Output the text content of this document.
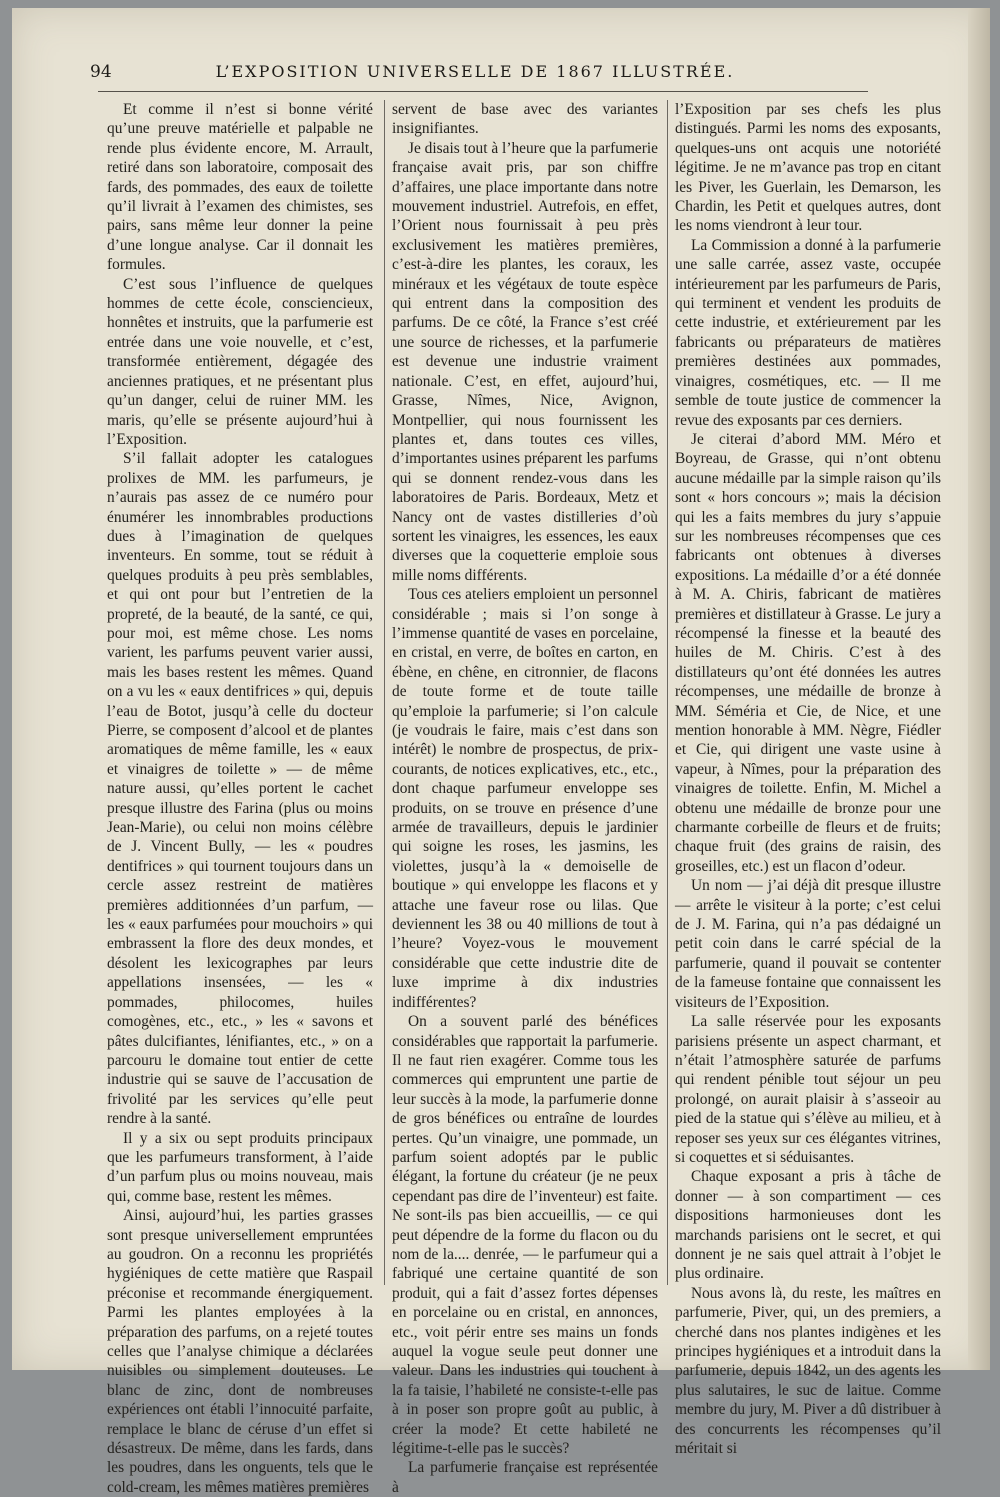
94	L’EXPOSITION UNIVERSELLE DE 1867 ILLUSTRÉE.

Et comme il n’est si bonne vérité qu’une preuve matérielle et palpable ne rende plus évidente encore, M. Arrault, retiré dans son laboratoire, composait des fards, des pommades, des eaux de toilette qu’il livrait à l’examen des chimistes, ses pairs, sans même leur donner la peine d’une longue analyse. Car il donnait les formules.

C’est sous l’influence de quelques hommes de cette école, consciencieux, honnêtes et instruits, que la parfumerie est entrée dans une voie nouvelle, et c’est, transformée entièrement, dégagée des anciennes pratiques, et ne présentant plus qu’un danger, celui de ruiner MM. les maris, qu’elle se présente aujourd’hui à l’Exposition.

S’il fallait adopter les catalogues prolixes de MM. les parfumeurs, je n’aurais pas assez de ce numéro pour énumérer les innombrables productions dues à l’imagination de quelques inventeurs. En somme, tout se réduit à quelques produits à peu près semblables, et qui ont pour but l’entretien de la propreté, de la beauté, de la santé, ce qui, pour moi, est même chose. Les noms varient, les parfums peuvent varier aussi, mais les bases restent les mêmes. Quand on a vu les « eaux dentifrices » qui, depuis l’eau de Botot, jusqu’à celle du docteur Pierre, se composent d’alcool et de plantes aromatiques de même famille, les « eaux et vinaigres de toilette » — de même nature aussi, qu’elles portent le cachet presque illustre des Farina (plus ou moins Jean-Marie), ou celui non moins célèbre de J. Vincent Bully, — les « poudres dentifrices » qui tournent toujours dans un cercle assez restreint de matières premières additionnées d’un parfum, — les « eaux parfumées pour mouchoirs » qui embrassent la flore des deux mondes, et désolent les lexicographes par leurs appellations insensées, — les « pommades, philocomes, huiles comogènes, etc., etc., » les « savons et pâtes dulcifiantes, lénifiantes, etc., » on a parcouru le domaine tout entier de cette industrie qui se sauve de l’accusation de frivolité par les services qu’elle peut rendre à la santé.

Il y a six ou sept produits principaux que les parfumeurs transforment, à l’aide d’un parfum plus ou moins nouveau, mais qui, comme base, restent les mêmes.

Ainsi, aujourd’hui, les parties grasses sont presque universellement empruntées au goudron. On a reconnu les propriétés hygiéniques de cette matière que Raspail préconise et recommande énergiquement. Parmi les plantes employées à la préparation des parfums, on a rejeté toutes celles que l’analyse chimique a déclarées nuisibles ou simplement douteuses. Le blanc de zinc, dont de nombreuses expériences ont établi l’innocuité parfaite, remplace le blanc de céruse d’un effet si désastreux. De même, dans les fards, dans les poudres, dans les onguents, tels que le cold-cream, les mêmes matières premières

servent de base avec des variantes insignifiantes.

Je disais tout à l’heure que la parfumerie française avait pris, par son chiffre d’affaires, une place importante dans notre mouvement industriel. Autrefois, en effet, l’Orient nous fournissait à peu près exclusivement les matières premières, c’est-à-dire les plantes, les coraux, les minéraux et les végétaux de toute espèce qui entrent dans la composition des parfums. De ce côté, la France s’est créé une source de richesses, et la parfumerie est devenue une industrie vraiment nationale. C’est, en effet, aujourd’hui, Grasse, Nîmes, Nice, Avignon, Montpellier, qui nous fournissent les plantes et, dans toutes ces villes, d’importantes usines préparent les parfums qui se donnent rendez-vous dans les laboratoires de Paris. Bordeaux, Metz et Nancy ont de vastes distilleries d’où sortent les vinaigres, les essences, les eaux diverses que la coquetterie emploie sous mille noms différents.

Tous ces ateliers emploient un personnel considérable ; mais si l’on songe à l’immense quantité de vases en porcelaine, en cristal, en verre, de boîtes en carton, en ébène, en chêne, en citronnier, de flacons de toute forme et de toute taille qu’emploie la parfumerie; si l’on calcule (je voudrais le faire, mais c’est dans son intérêt) le nombre de prospectus, de prix-courants, de notices explicatives, etc., etc., dont chaque parfumeur enveloppe ses produits, on se trouve en présence d’une armée de travailleurs, depuis le jardinier qui soigne les roses, les jasmins, les violettes, jusqu’à la « demoiselle de boutique » qui enveloppe les flacons et y attache une faveur rose ou lilas. Que deviennent les 38 ou 40 millions de tout à l’heure? Voyez-vous le mouvement considérable que cette industrie dite de luxe imprime à dix industries indifférentes?

On a souvent parlé des bénéfices considérables que rapportait la parfumerie. Il ne faut rien exagérer. Comme tous les commerces qui empruntent une partie de leur succès à la mode, la parfumerie donne de gros bénéfices ou entraîne de lourdes pertes. Qu’un vinaigre, une pommade, un parfum soient adoptés par le public élégant, la fortune du créateur (je ne peux cependant pas dire de l’inventeur) est faite. Ne sont-ils pas bien accueillis, — ce qui peut dépendre de la forme du flacon ou du nom de la.... denrée, — le parfumeur qui a fabriqué une certaine quantité de son produit, qui a fait d’assez fortes dépenses en porcelaine ou en cristal, en annonces, etc., voit périr entre ses mains un fonds auquel la vogue seule peut donner une valeur. Dans les industries qui touchent à la fa taisie, l’habileté ne consiste-t-elle pas à in poser son propre goût au public, à créer la mode? Et cette habileté ne légitime-t-elle pas le succès?

La parfumerie française est représentée à

l’Exposition par ses chefs les plus distingués. Parmi les noms des exposants, quelques-uns ont acquis une notoriété légitime. Je ne m’avance pas trop en citant les Piver, les Guerlain, les Demarson, les Chardin, les Petit et quelques autres, dont les noms viendront à leur tour.

La Commission a donné à la parfumerie une salle carrée, assez vaste, occupée intérieurement par les parfumeurs de Paris, qui terminent et vendent les produits de cette industrie, et extérieurement par les fabricants ou préparateurs de matières premières destinées aux pommades, vinaigres, cosmétiques, etc. — Il me semble de toute justice de commencer la revue des exposants par ces derniers.

Je citerai d’abord MM. Méro et Boyreau, de Grasse, qui n’ont obtenu aucune médaille par la simple raison qu’ils sont « hors concours »; mais la décision qui les a faits membres du jury s’appuie sur les nombreuses récompenses que ces fabricants ont obtenues à diverses expositions. La médaille d’or a été donnée à M. A. Chiris, fabricant de matières premières et distillateur à Grasse. Le jury a récompensé la finesse et la beauté des huiles de M. Chiris. C’est à des distillateurs qu’ont été données les autres récompenses, une médaille de bronze à MM. Séméria et Cie, de Nice, et une mention honorable à MM. Nègre, Fiédler et Cie, qui dirigent une vaste usine à vapeur, à Nîmes, pour la préparation des vinaigres de toilette. Enfin, M. Michel a obtenu une médaille de bronze pour une charmante corbeille de fleurs et de fruits; chaque fruit (des grains de raisin, des groseilles, etc.) est un flacon d’odeur.

Un nom — j’ai déjà dit presque illustre — arrête le visiteur à la porte; c’est celui de J. M. Farina, qui n’a pas dédaigné un petit coin dans le carré spécial de la parfumerie, quand il pouvait se contenter de la fameuse fontaine que connaissent les visiteurs de l’Exposition.

La salle réservée pour les exposants parisiens présente un aspect charmant, et n’était l’atmosphère saturée de parfums qui rendent pénible tout séjour un peu prolongé, on aurait plaisir à s’asseoir au pied de la statue qui s’élève au milieu, et à reposer ses yeux sur ces élégantes vitrines, si coquettes et si séduisantes.

Chaque exposant a pris à tâche de donner — à son compartiment — ces dispositions harmonieuses dont les marchands parisiens ont le secret, et qui donnent je ne sais quel attrait à l’objet le plus ordinaire.

Nous avons là, du reste, les maîtres en parfumerie, Piver, qui, un des premiers, a cherché dans nos plantes indigènes et les principes hygiéniques et a introduit dans la parfumerie, depuis 1842, un des agents les plus salutaires, le suc de laitue. Comme membre du jury, M. Piver a dû distribuer à des concurrents les récompenses qu’il méritait si
